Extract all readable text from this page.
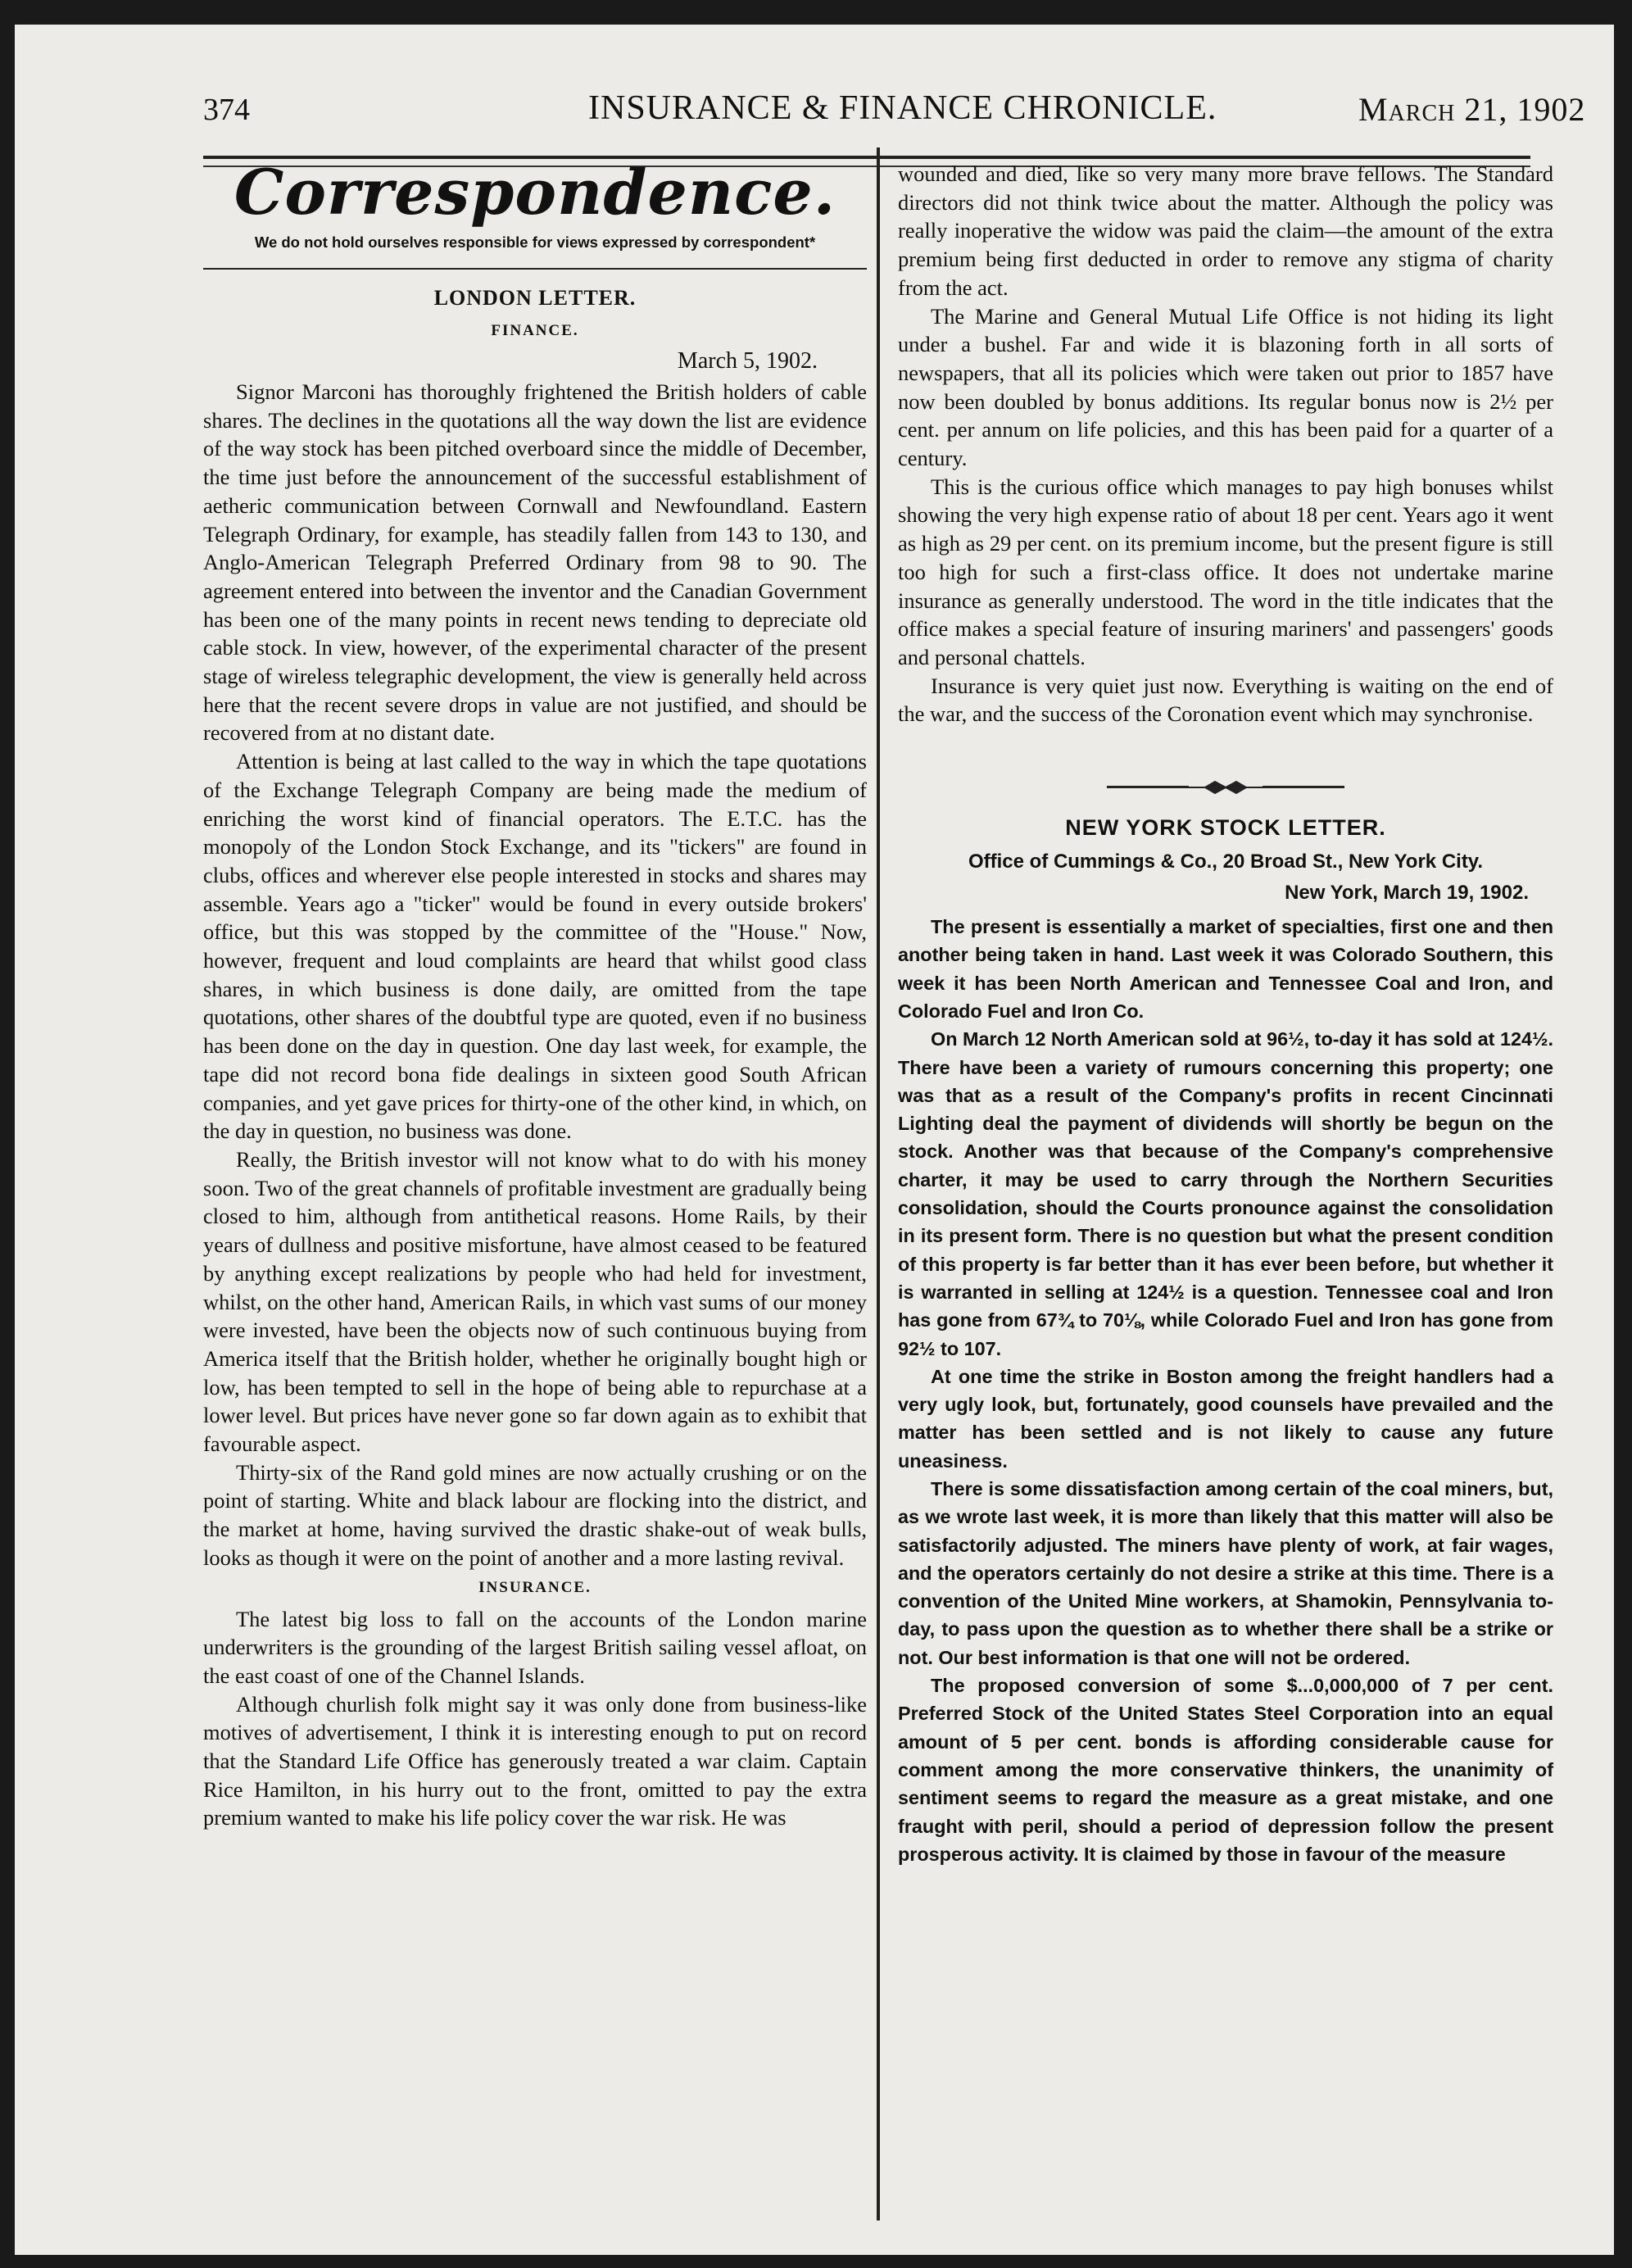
374	INSURANCE & FINANCE CHRONICLE.	March 21, 1902
Correspondence.

We do not hold ourselves responsible for views expressed by correspondent*

LONDON LETTER.
FINANCE.
March 5, 1902.

Signor Marconi has thoroughly frightened the British holders of cable shares. The declines in the quotations all the way down the list are evidence of the way stock has been pitched overboard since the middle of December, the time just before the announcement of the successful establishment of aetheric communication between Cornwall and Newfoundland. Eastern Telegraph Ordinary, for example, has steadily fallen from 143 to 130, and Anglo-American Telegraph Preferred Ordinary from 98 to 90. The agreement entered into between the inventor and the Canadian Government has been one of the many points in recent news tending to depreciate old cable stock. In view, however, of the experimental character of the present stage of wireless telegraphic development, the view is generally held across here that the recent severe drops in value are not justified, and should be recovered from at no distant date.

Attention is being at last called to the way in which the tape quotations of the Exchange Telegraph Company are being made the medium of enriching the worst kind of financial operators. The E.T.C. has the monopoly of the London Stock Exchange, and its "tickers" are found in clubs, offices and wherever else people interested in stocks and shares may assemble. Years ago a "ticker" would be found in every outside brokers' office, but this was stopped by the committee of the "House." Now, however, frequent and loud complaints are heard that whilst good class shares, in which business is done daily, are omitted from the tape quotations, other shares of the doubtful type are quoted, even if no business has been done on the day in question. One day last week, for example, the tape did not record bona fide dealings in sixteen good South African companies, and yet gave prices for thirty-one of the other kind, in which, on the day in question, no business was done.

Really, the British investor will not know what to do with his money soon. Two of the great channels of profitable investment are gradually being closed to him, although from antithetical reasons. Home Rails, by their years of dullness and positive misfortune, have almost ceased to be featured by anything except realizations by people who had held for investment, whilst, on the other hand, American Rails, in which vast sums of our money were invested, have been the objects now of such continuous buying from America itself that the British holder, whether he originally bought high or low, has been tempted to sell in the hope of being able to repurchase at a lower level. But prices have never gone so far down again as to exhibit that favourable aspect.

Thirty-six of the Rand gold mines are now actually crushing or on the point of starting. White and black labour are flocking into the district, and the market at home, having survived the drastic shake-out of weak bulls, looks as though it were on the point of another and a more lasting revival.

INSURANCE.

The latest big loss to fall on the accounts of the London marine underwriters is the grounding of the largest British sailing vessel afloat, on the east coast of one of the Channel Islands.

Although churlish folk might say it was only done from business-like motives of advertisement, I think it is interesting enough to put on record that the Standard Life Office has generously treated a war claim. Captain Rice Hamilton, in his hurry out to the front, omitted to pay the extra premium wanted to make his life policy cover the war risk. He was

wounded and died, like so very many more brave fellows. The Standard directors did not think twice about the matter. Although the policy was really inoperative the widow was paid the claim—the amount of the extra premium being first deducted in order to remove any stigma of charity from the act.

The Marine and General Mutual Life Office is not hiding its light under a bushel. Far and wide it is blazoning forth in all sorts of newspapers, that all its policies which were taken out prior to 1857 have now been doubled by bonus additions. Its regular bonus now is 2½ per cent. per annum on life policies, and this has been paid for a quarter of a century.

This is the curious office which manages to pay high bonuses whilst showing the very high expense ratio of about 18 per cent. Years ago it went as high as 29 per cent. on its premium income, but the present figure is still too high for such a first-class office. It does not undertake marine insurance as generally understood. The word in the title indicates that the office makes a special feature of insuring mariners' and passengers' goods and personal chattels.

Insurance is very quiet just now. Everything is waiting on the end of the war, and the success of the Coronation event which may synchronise.

NEW YORK STOCK LETTER.
Office of Cummings & Co., 20 Broad St., New York City.
New York, March 19, 1902.

The present is essentially a market of specialties, first one and then another being taken in hand. Last week it was Colorado Southern, this week it has been North American and Tennessee Coal and Iron, and Colorado Fuel and Iron Co.

On March 12 North American sold at 96½, to-day it has sold at 124½. There have been a variety of rumours concerning this property; one was that as a result of the Company's profits in recent Cincinnati Lighting deal the payment of dividends will shortly be begun on the stock. Another was that because of the Company's comprehensive charter, it may be used to carry through the Northern Securities consolidation, should the Courts pronounce against the consolidation in its present form. There is no question but what the present condition of this property is far better than it has ever been before, but whether it is warranted in selling at 124½ is a question. Tennessee coal and Iron has gone from 67¾ to 70⅛, while Colorado Fuel and Iron has gone from 92½ to 107.

At one time the strike in Boston among the freight handlers had a very ugly look, but, fortunately, good counsels have prevailed and the matter has been settled and is not likely to cause any future uneasiness.

There is some dissatisfaction among certain of the coal miners, but, as we wrote last week, it is more than likely that this matter will also be satisfactorily adjusted. The miners have plenty of work, at fair wages, and the operators certainly do not desire a strike at this time. There is a convention of the United Mine workers, at Shamokin, Pennsylvania to-day, to pass upon the question as to whether there shall be a strike or not. Our best information is that one will not be ordered.

The proposed conversion of some $...0,000,000 of 7 per cent. Preferred Stock of the United States Steel Corporation into an equal amount of 5 per cent. bonds is affording considerable cause for comment among the more conservative thinkers, the unanimity of sentiment seems to regard the measure as a great mistake, and one fraught with peril, should a period of depression follow the present prosperous activity. It is claimed by those in favour of the measure
